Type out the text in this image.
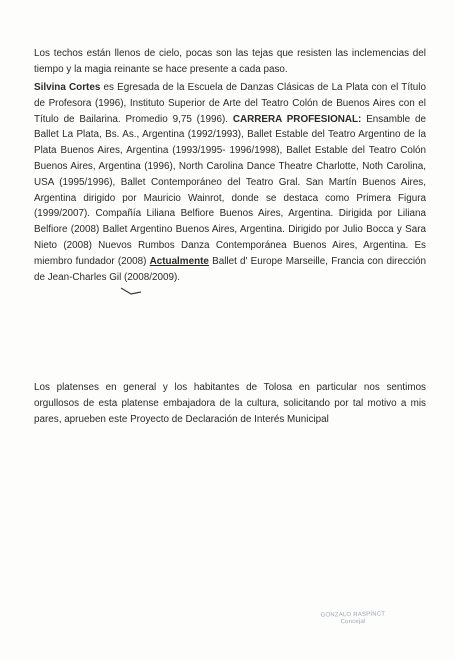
Los techos están llenos de cielo, pocas son las tejas que resisten las inclemencias del tiempo y la magia reinante se hace presente a cada paso.
Silvina Cortes es Egresada de la Escuela de Danzas Clásicas de La Plata con el Título de Profesora (1996), Instituto Superior de Arte del Teatro Colón de Buenos Aires con el Título de Bailarina. Promedio 9,75 (1996). CARRERA PROFESIONAL: Ensamble de Ballet La Plata, Bs. As., Argentina (1992/1993), Ballet Estable del Teatro Argentino de la Plata Buenos Aires, Argentina (1993/1995- 1996/1998), Ballet Estable del Teatro Colón Buenos Aires, Argentina (1996), North Carolina Dance Theatre Charlotte, Noth Carolina, USA (1995/1996), Ballet Contemporáneo del Teatro Gral. San Martín Buenos Aires, Argentina dirigido por Mauricio Wainrot, donde se destaca como Primera Figura (1999/2007). Compañía Liliana Belfiore Buenos Aires, Argentina. Dirigida por Liliana Belfiore (2008) Ballet Argentino Buenos Aires, Argentina. Dirigido por Julio Bocca y Sara Nieto (2008) Nuevos Rumbos Danza Contemporánea Buenos Aires, Argentina. Es miembro fundador (2008) Actualmente Ballet d' Europe Marseille, Francia con dirección de Jean-Charles Gil (2008/2009).
Los platenses en general y los habitantes de Tolosa en particular nos sentimos orgullosos de esta platense embajadora de la cultura, solicitando por tal motivo a mis pares, aprueben este Proyecto de Declaración de Interés Municipal
GONZALO RASPÍNCT
Concejal
